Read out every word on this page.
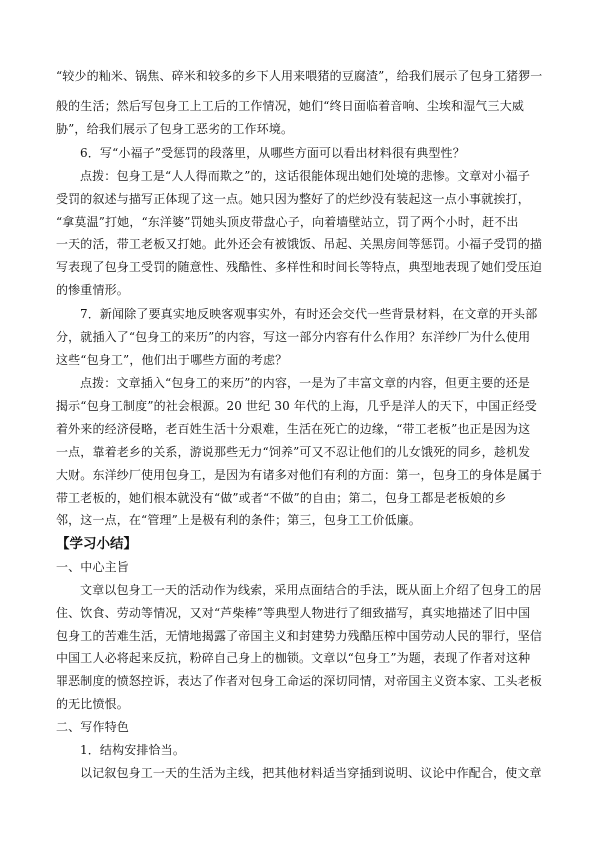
“较少的籼米、锅焦、碎米和较多的乡下人用来喂猪的豆腐渣”，给我们展示了包身工猪猡一
般的生活；然后写包身工上工后的工作情况，她们“终日面临着音响、尘埃和湿气三大威
胁”，给我们展示了包身工恶劣的工作环境。
6．写“小福子”受惩罚的段落里，从哪些方面可以看出材料很有典型性？
点拨：包身工是“人人得而欺之”的，这话很能体现出她们处境的悲惨。文章对小福子
受罚的叙述与描写正体现了这一点。她只因为整好了的烂纱没有装起这一点小事就挨打，
“拿莫温”打她，“东洋婆”罚她头顶皮带盘心子，向着墙壁站立，罚了两个小时，赶不出
一天的活，带工老板又打她。此外还会有被饿饭、吊起、关黑房间等惩罚。小福子受罚的描
写表现了包身工受罚的随意性、残酷性、多样性和时间长等特点，典型地表现了她们受压迫
的惨重情形。
7．新闻除了要真实地反映客观事实外，有时还会交代一些背景材料，在文章的开头部
分，就插入了“包身工的来历”的内容，写这一部分内容有什么作用？东洋纱厂为什么使用
这些“包身工”，他们出于哪些方面的考虑？
点拨：文章插入“包身工的来历”的内容，一是为了丰富文章的内容，但更主要的还是
揭示“包身工制度”的社会根源。20 世纪 30 年代的上海，几乎是洋人的天下，中国正经受
着外来的经济侵略，老百姓生活十分艰难，生活在死亡的边缘，“带工老板”也正是因为这
一点，靠着老乡的关系，游说那些无力“饲养”可又不忍让他们的儿女饿死的同乡，趁机发
大财。东洋纱厂使用包身工，是因为有诸多对他们有利的方面：第一，包身工的身体是属于
带工老板的，她们根本就没有“做”或者“不做”的自由；第二，包身工都是老板娘的乡
邻，这一点，在“管理”上是极有利的条件；第三，包身工工价低廉。
【学习小结】
一、中心主旨
文章以包身工一天的活动作为线索，采用点面结合的手法，既从面上介绍了包身工的居
住、饮食、劳动等情况，又对“芦柴棒”等典型人物进行了细致描写，真实地描述了旧中国
包身工的苦难生活，无情地揭露了帝国主义和封建势力残酷压榨中国劳动人民的罪行，坚信
中国工人必将起来反抗，粉碎自己身上的枷锁。文章以“包身工”为题，表现了作者对这种
罪恶制度的愤怒控诉，表达了作者对包身工命运的深切同情，对帝国主义资本家、工头老板
的无比愤恨。
二、写作特色
1．结构安排恰当。
以记叙包身工一天的生活为主线，把其他材料适当穿插到说明、议论中作配合，使文章
